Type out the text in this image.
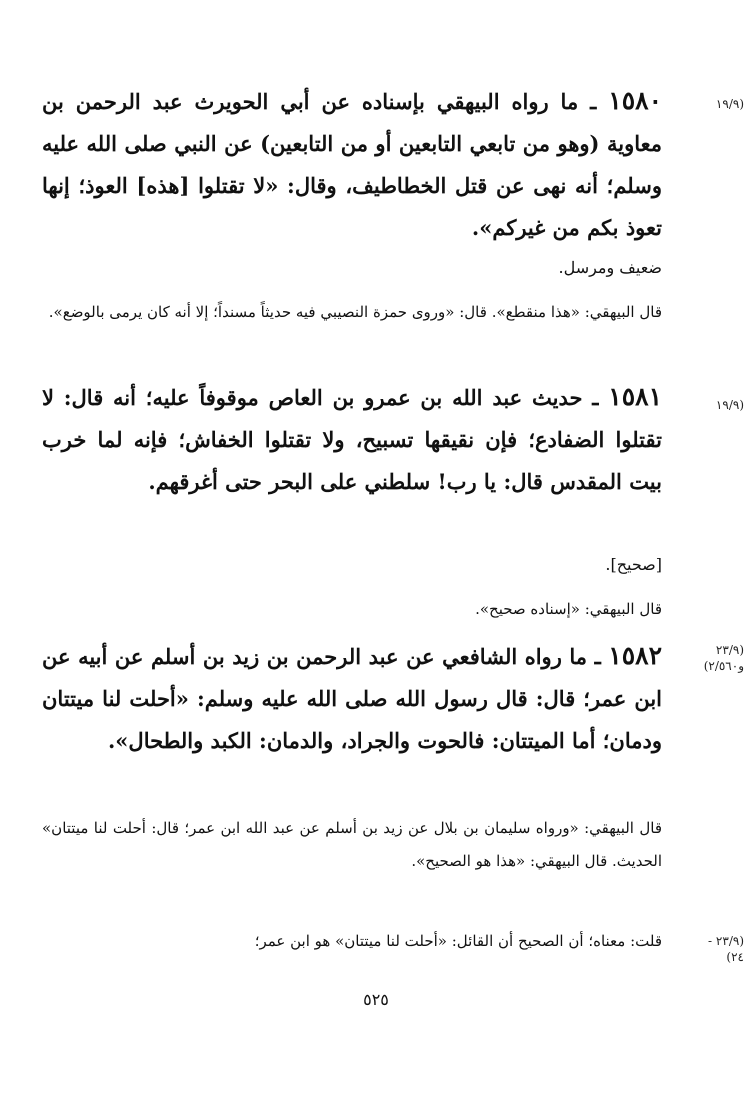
(١٩/٩

١٥٨٠ ـ ما رواه البيهقي بإسناده عن أبي الحويرث عبد الرحمن بن معاوية (وهو من تابعي التابعين أو من التابعين) عن النبي صلى الله عليه وسلم؛ أنه نهى عن قتل الخطاطيف، وقال: «لا تقتلوا [هذه] العوذ؛ إنها تعوذ بكم من غيركم».

ضعيف ومرسل.

قال البيهقي: «هذا منقطع». قال: «وروى حمزة النصيبي فيه حديثاً مسنداً؛ إلا أنه كان يرمى بالوضع».

(١٩/٩

١٥٨١ ـ حديث عبد الله بن عمرو بن العاص موقوفاً عليه؛ أنه قال: لا تقتلوا الضفادع؛ فإن نقيقها تسبيح، ولا تقتلوا الخفاش؛ فإنه لما خرب بيت المقدس قال: يا رب! سلطني على البحر حتى أغرقهم.

[صحيح].

قال البيهقي: «إسناده صحيح».

(٢٣/٩
و٢/٥٦٠)

١٥٨٢ ـ ما رواه الشافعي عن عبد الرحمن بن زيد بن أسلم عن أبيه عن ابن عمر؛ قال: قال رسول الله صلى الله عليه وسلم: «أحلت لنا ميتتان ودمان؛ أما الميتتان: فالحوت والجراد، والدمان: الكبد والطحال».

قال البيهقي: «ورواه سليمان بن بلال عن زيد بن أسلم عن عبد الله ابن عمر؛ قال: أحلت لنا ميتتان» الحديث. قال البيهقي: «هذا هو الصحيح».

(٢٣/٩ -
٢٤)

قلت: معناه؛ أن الصحيح أن القائل: «أحلت لنا ميتتان» هو ابن عمر؛

٥٢٥
